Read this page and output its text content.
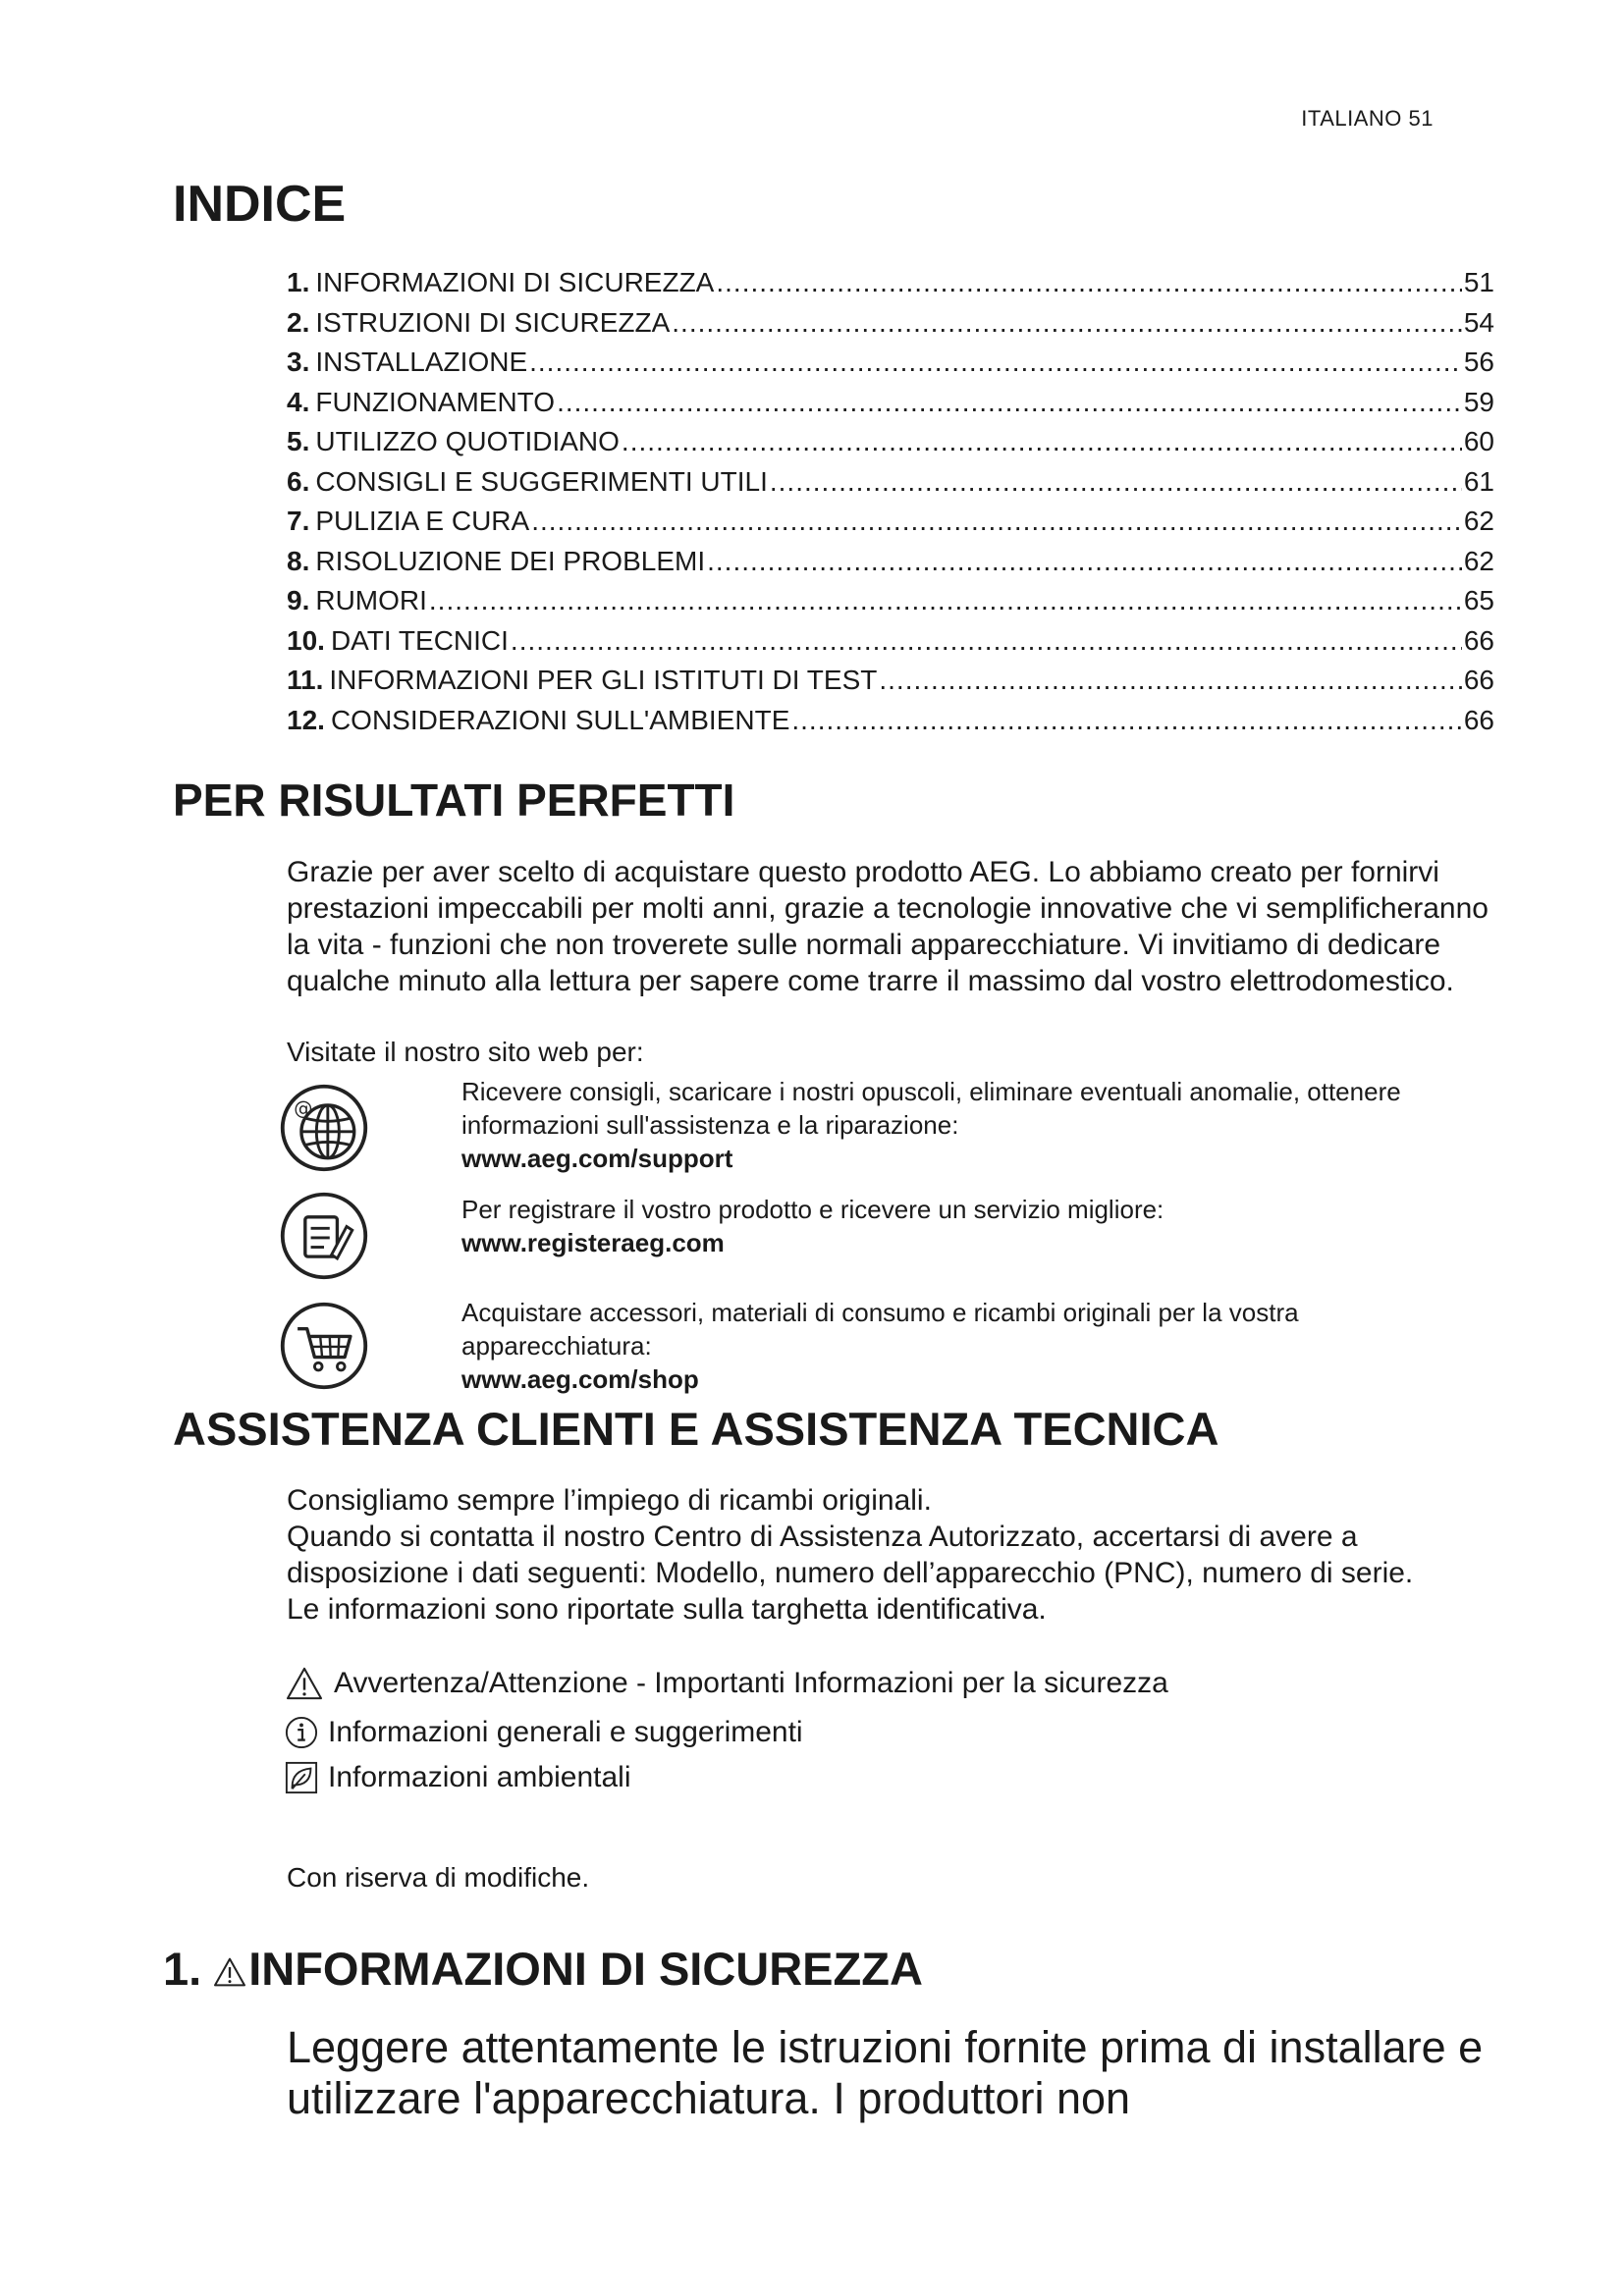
ITALIANO 51
INDICE
1. INFORMAZIONI DI SICUREZZA .....	51
2. ISTRUZIONI DI SICUREZZA .....	54
3. INSTALLAZIONE .....	56
4. FUNZIONAMENTO .....	59
5. UTILIZZO QUOTIDIANO .....	60
6. CONSIGLI E SUGGERIMENTI UTILI .....	61
7. PULIZIA E CURA .....	62
8. RISOLUZIONE DEI PROBLEMI .....	62
9. RUMORI .....	65
10. DATI TECNICI .....	66
11. INFORMAZIONI PER GLI ISTITUTI DI TEST .....	66
12. CONSIDERAZIONI SULL'AMBIENTE .....	66
PER RISULTATI PERFETTI

Grazie per aver scelto di acquistare questo prodotto AEG. Lo abbiamo creato per fornirvi prestazioni impeccabili per molti anni, grazie a tecnologie innovative che vi semplificheranno la vita - funzioni che non troverete sulle normali apparecchiature. Vi invitiamo di dedicare qualche minuto alla lettura per sapere come trarre il massimo dal vostro elettrodomestico.

Visitate il nostro sito web per:

@
Ricevere consigli, scaricare i nostri opuscoli, eliminare eventuali anomalie, ottenere informazioni sull'assistenza e la riparazione:
www.aeg.com/support
Per registrare il vostro prodotto e ricevere un servizio migliore:
www.registeraeg.com
Acquistare accessori, materiali di consumo e ricambi originali per la vostra apparecchiatura:
www.aeg.com/shop
ASSISTENZA CLIENTI E ASSISTENZA TECNICA

Consigliamo sempre l’impiego di ricambi originali.

Quando si contatta il nostro Centro di Assistenza Autorizzato, accertarsi di avere a disposizione i dati seguenti: Modello, numero dell’apparecchio (PNC), numero di serie.

Le informazioni sono riportate sulla targhetta identificativa.

Avvertenza/Attenzione - Importanti Informazioni per la sicurezza
Informazioni generali e suggerimenti
Informazioni ambientali
Con riserva di modifiche.
1. INFORMAZIONI DI SICUREZZA

Leggere attentamente le istruzioni fornite prima di installare e utilizzare l'apparecchiatura. I produttori non
